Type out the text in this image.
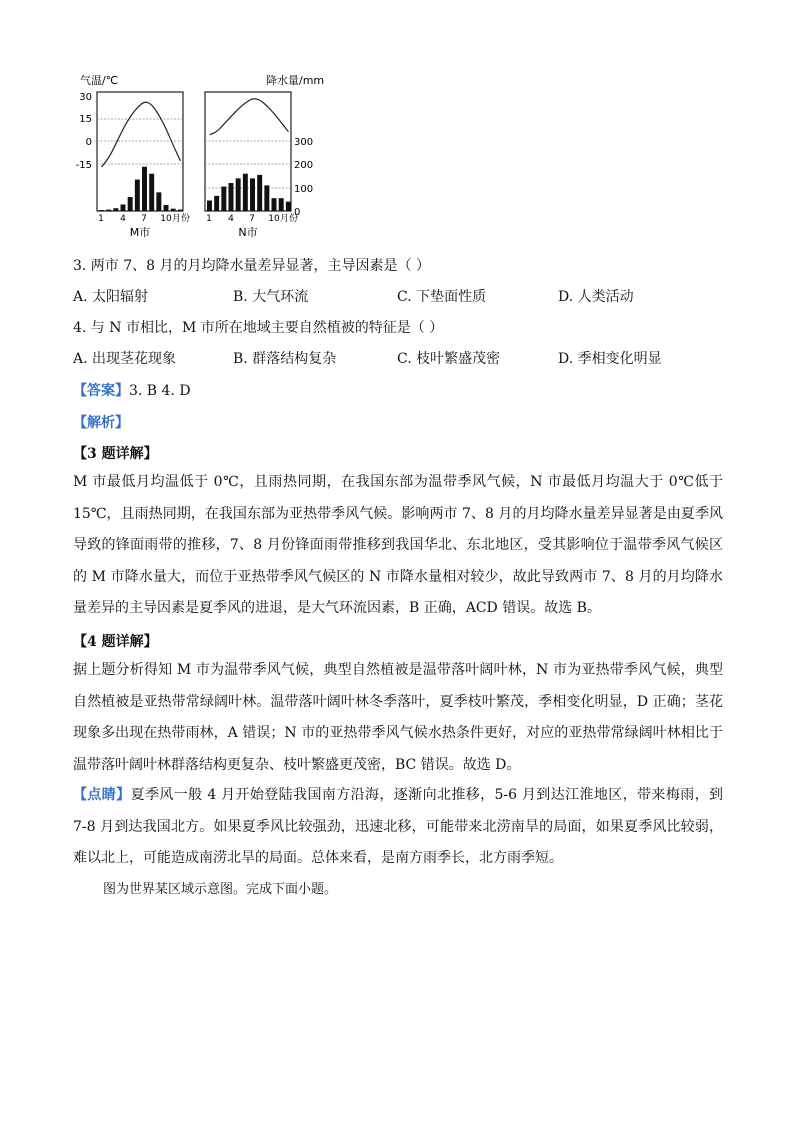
气温/℃
30
15
0
-15
1 4 7 10 月份
M市
降水量/mm
300
200
100
0
1 4 7 10 月份
N市
3. 两市 7、8 月的月均降水量差异显著，主导因素是（ ）
A. 太阳辐射	B. 大气环流	C. 下垫面性质	D. 人类活动
4. 与 N 市相比，M 市所在地域主要自然植被的特征是（ ）
A. 出现茎花现象	B. 群落结构复杂	C. 枝叶繁盛茂密	D. 季相变化明显
【答案】3. B 4. D
【解析】
【3 题详解】
M 市最低月均温低于 0℃，且雨热同期，在我国东部为温带季风气候，N 市最低月均温大于 0℃低于 15℃，且雨热同期，在我国东部为亚热带季风气候。影响两市 7、8 月的月均降水量差异显著是由夏季风导致的锋面雨带的推移，7、8 月份锋面雨带推移到我国华北、东北地区，受其影响位于温带季风气候区的 M 市降水量大，而位于亚热带季风气候区的 N 市降水量相对较少，故此导致两市 7、8 月的月均降水量差异的主导因素是夏季风的进退，是大气环流因素，B 正确，ACD 错误。故选 B。
【4 题详解】
据上题分析得知 M 市为温带季风气候，典型自然植被是温带落叶阔叶林，N 市为亚热带季风气候，典型自然植被是亚热带常绿阔叶林。温带落叶阔叶林冬季落叶，夏季枝叶繁茂，季相变化明显，D 正确；茎花现象多出现在热带雨林，A 错误；N 市的亚热带季风气候水热条件更好，对应的亚热带常绿阔叶林相比于温带落叶阔叶林群落结构更复杂、枝叶繁盛更茂密，BC 错误。故选 D。
【点睛】夏季风一般 4 月开始登陆我国南方沿海，逐渐向北推移，5-6 月到达江淮地区，带来梅雨，到 7-8 月到达我国北方。如果夏季风比较强劲，迅速北移，可能带来北涝南旱的局面，如果夏季风比较弱，难以北上，可能造成南涝北旱的局面。总体来看，是南方雨季长，北方雨季短。
图为世界某区域示意图。完成下面小题。
